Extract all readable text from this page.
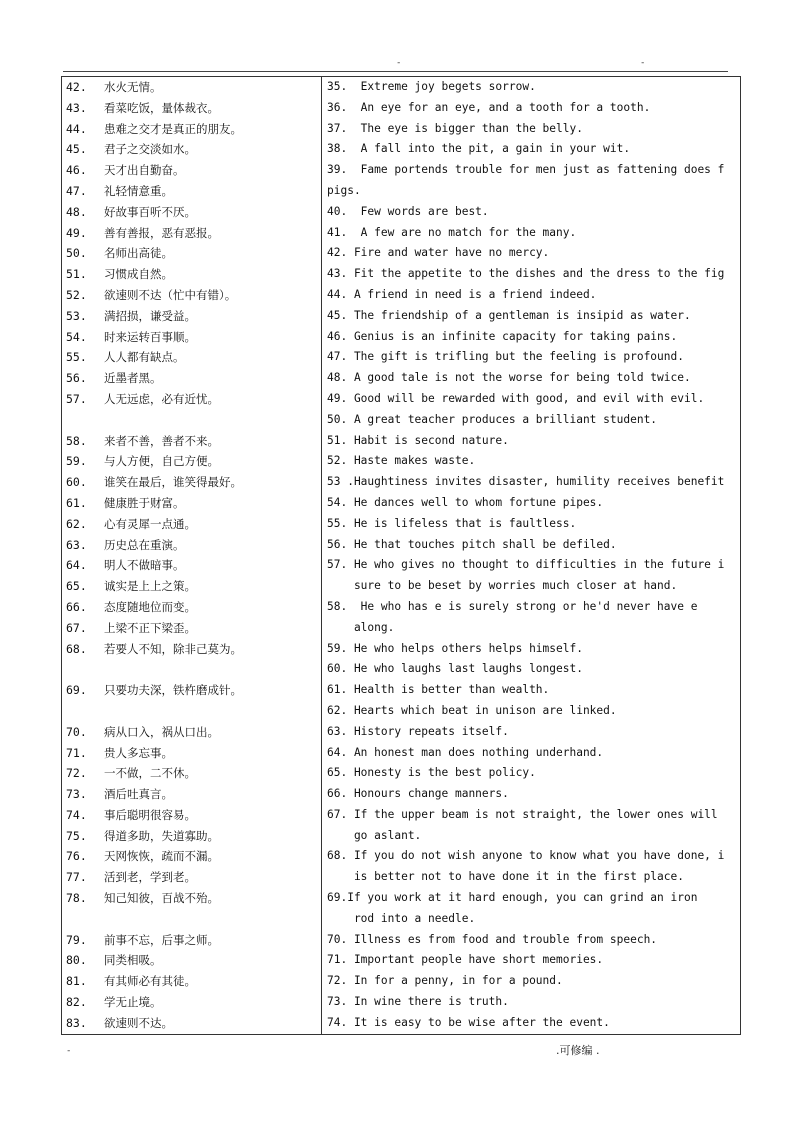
-	-
42. 水火无情。
43. 看菜吃饭，量体裁衣。
44. 患难之交才是真正的朋友。
45. 君子之交淡如水。
46. 天才出自勤奋。
47. 礼轻情意重。
48. 好故事百听不厌。
49. 善有善报，恶有恶报。
50. 名师出高徒。
51. 习惯成自然。
52. 欲速则不达（忙中有错）。
53. 满招损，谦受益。
54. 时来运转百事顺。
55. 人人都有缺点。
56. 近墨者黑。
57. 人无远虑，必有近忧。
58. 来者不善，善者不来。
59. 与人方便，自己方便。
60. 谁笑在最后，谁笑得最好。
61. 健康胜于财富。
62. 心有灵犀一点通。
63. 历史总在重演。
64. 明人不做暗事。
65. 诚实是上上之策。
66. 态度随地位而变。
67. 上梁不正下梁歪。
68. 若要人不知，除非己莫为。
69. 只要功夫深，铁杵磨成针。
70. 病从口入，祸从口出。
71. 贵人多忘事。
72. 一不做，二不休。
73. 酒后吐真言。
74. 事后聪明很容易。
75. 得道多助，失道寡助。
76. 天网恢恢，疏而不漏。
77. 活到老，学到老。
78. 知己知彼，百战不殆。
79. 前事不忘，后事之师。
80. 同类相吸。
81. 有其师必有其徒。
82. 学无止境。
83. 欲速则不达。

35.  Extreme joy begets sorrow.
36.  An eye for an eye, and a tooth for a tooth.
37.  The eye is bigger than the belly.
38.  A fall into the pit, a gain in your wit.
39.  Fame portends trouble for men just as fattening does f
pigs.
40.  Few words are best.
41.  A few are no match for the many.
42. Fire and water have no mercy.
43. Fit the appetite to the dishes and the dress to the fig
44. A friend in need is a friend indeed.
45. The friendship of a gentleman is insipid as water.
46. Genius is an infinite capacity for taking pains.
47. The gift is trifling but the feeling is profound.
48. A good tale is not the worse for being told twice.
49. Good will be rewarded with good, and evil with evil.
50. A great teacher produces a brilliant student.
51. Habit is second nature.
52. Haste makes waste.
53 .Haughtiness invites disaster, humility receives benefit
54. He dances well to whom fortune pipes.
55. He is lifeless that is faultless.
56. He that touches pitch shall be defiled.
57. He who gives no thought to difficulties in the future i
sure to be beset by worries much closer at hand.
58.  He who has e is surely strong or he'd never have e
along.
59. He who helps others helps himself.
60. He who laughs last laughs longest.
61. Health is better than wealth.
62. Hearts which beat in unison are linked.
63. History repeats itself.
64. An honest man does nothing underhand.
65. Honesty is the best policy.
66. Honours change manners.
67. If the upper beam is not straight, the lower ones will
go aslant.
68. If you do not wish anyone to know what you have done, i
is better not to have done it in the first place.
69.If you work at it hard enough, you can grind an iron
rod into a needle.
70. Illness es from food and trouble from speech.
71. Important people have short memories.
72. In for a penny, in for a pound.
73. In wine there is truth.
74. It is easy to be wise after the event.
-	.可修编 .
